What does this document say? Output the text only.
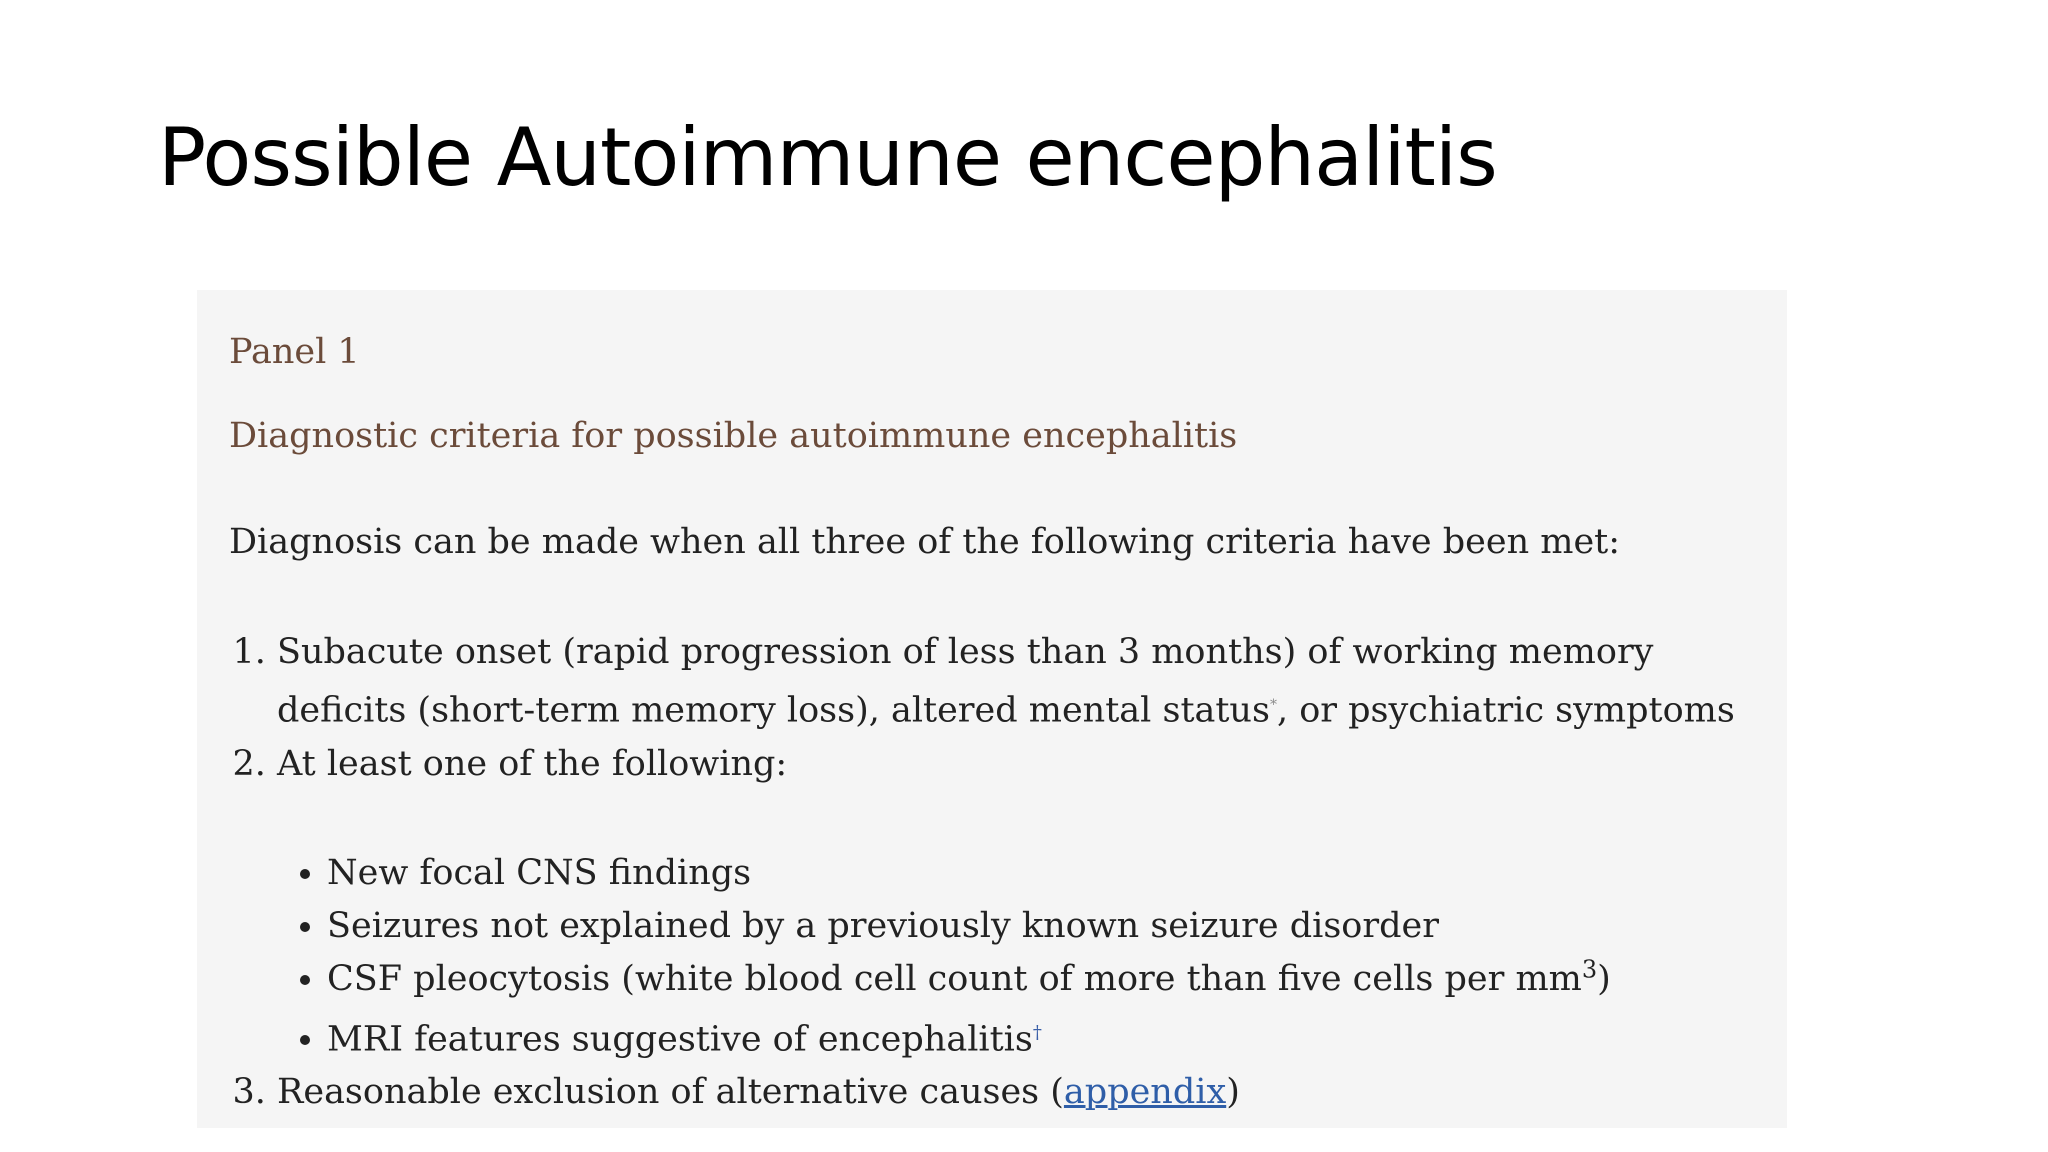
Possible Autoimmune encephalitis
Panel 1
Diagnostic criteria for possible autoimmune encephalitis
Diagnosis can be made when all three of the following criteria have been met:
1. Subacute onset (rapid progression of less than 3 months) of working memory deficits (short-term memory loss), altered mental status*, or psychiatric symptoms
2. At least one of the following:
• New focal CNS findings
• Seizures not explained by a previously known seizure disorder
• CSF pleocytosis (white blood cell count of more than five cells per $mm^3$)
• MRI features suggestive of encephalitis†
3. Reasonable exclusion of alternative causes (appendix)
